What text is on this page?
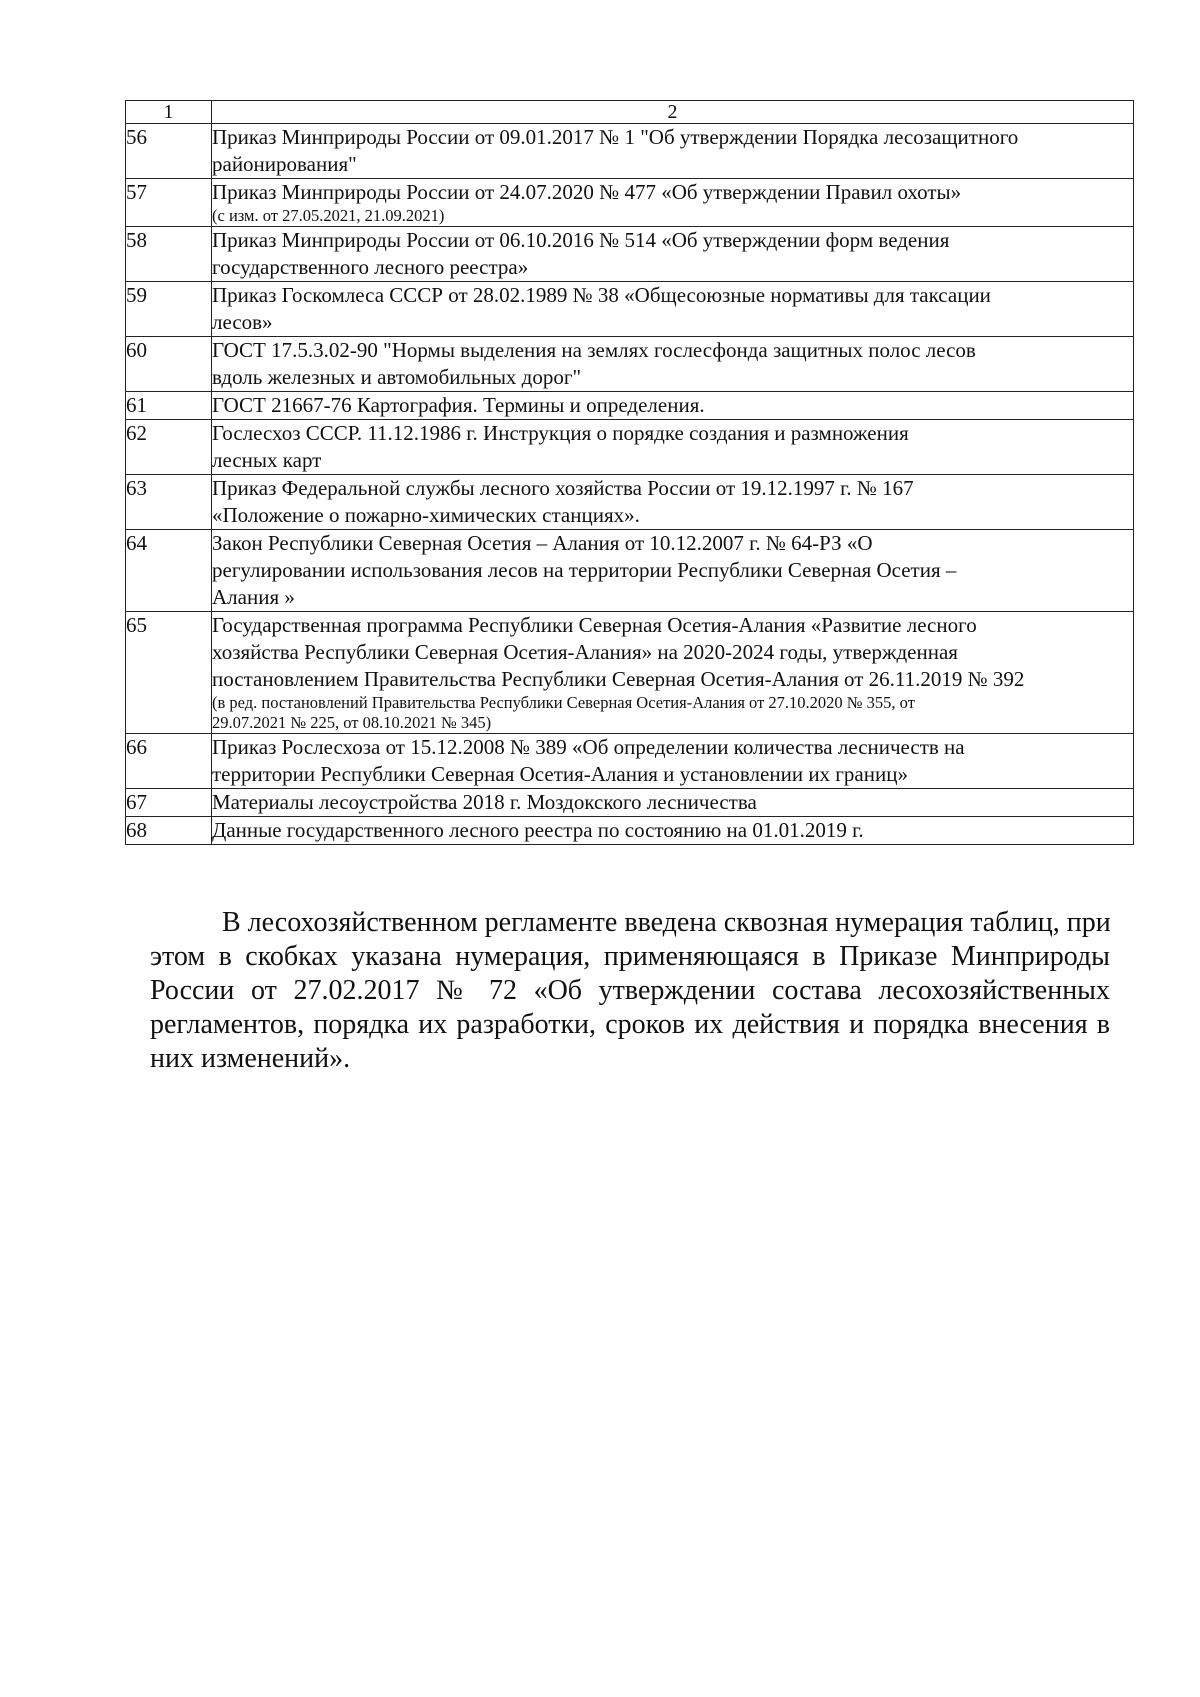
1	2
56	Приказ Минприроды России от 09.01.2017 № 1 "Об утверждении Порядка лесозащитного
районирования"

57	Приказ Минприроды России от 24.07.2020 № 477 «Об утверждении Правил охоты»
(с изм. от 27.05.2021, 21.09.2021)

58	Приказ Минприроды России от 06.10.2016 № 514 «Об утверждении форм ведения
государственного лесного реестра»

59	Приказ Госкомлеса СССР от 28.02.1989 № 38 «Общесоюзные нормативы для таксации
лесов»

60	ГОСТ 17.5.3.02-90 "Нормы выделения на землях гослесфонда защитных полос лесов
вдоль железных и автомобильных дорог"

61	ГОСТ 21667-76 Картография. Термины и определения.

62	Гослесхоз СССР. 11.12.1986 г. Инструкция о порядке создания и размножения
лесных карт

63	Приказ Федеральной службы лесного хозяйства России от 19.12.1997 г. № 167
«Положение о пожарно-химических станциях».

64	Закон Республики Северная Осетия – Алания от 10.12.2007 г. № 64-РЗ «О
регулировании использования лесов на территории Республики Северная Осетия –
Алания »

65	Государственная программа Республики Северная Осетия-Алания «Развитие лесного
хозяйства Республики Северная Осетия-Алания» на 2020-2024 годы, утвержденная
постановлением Правительства Республики Северная Осетия-Алания от 26.11.2019 № 392
(в ред. постановлений Правительства Республики Северная Осетия-Алания от 27.10.2020 № 355, от
29.07.2021 № 225, от 08.10.2021 № 345)

66	Приказ Рослесхоза от 15.12.2008 № 389 «Об определении количества лесничеств на
территории Республики Северная Осетия-Алания и установлении их границ»

67	Материалы лесоустройства 2018 г. Моздокского лесничества

68	Данные государственного лесного реестра по состоянию на 01.01.2019 г.
В лесохозяйственном регламенте введена сквозная нумерация таблиц, при
этом в скобках указана нумерация, применяющаяся в Приказе Минприроды
России от 27.02.2017 № 72 «Об утверждении состава лесохозяйственных
регламентов, порядка их разработки, сроков их действия и порядка внесения в
них изменений».
